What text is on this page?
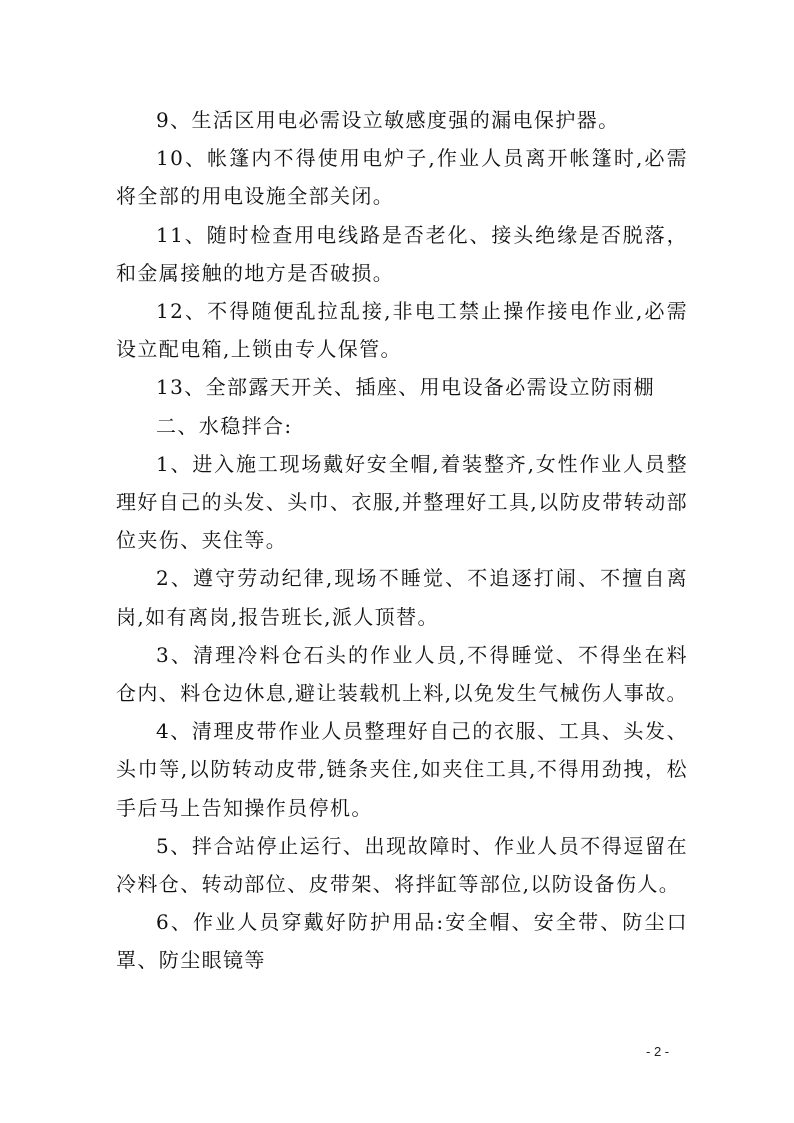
9、生活区用电必需设立敏感度强的漏电保护器。

10、帐篷内不得使用电炉子,作业人员离开帐篷时,必需将全部的用电设施全部关闭。

11、随时检查用电线路是否老化、接头绝缘是否脱落，和金属接触的地方是否破损。

12、不得随便乱拉乱接,非电工禁止操作接电作业,必需设立配电箱,上锁由专人保管。

13、全部露天开关、插座、用电设备必需设立防雨棚

二、水稳拌合:

1、进入施工现场戴好安全帽,着装整齐,女性作业人员整理好自己的头发、头巾、衣服,并整理好工具,以防皮带转动部位夹伤、夹住等。

2、遵守劳动纪律,现场不睡觉、不追逐打闹、不擅自离岗,如有离岗,报告班长,派人顶替。

3、清理冷料仓石头的作业人员,不得睡觉、不得坐在料仓内、料仓边休息,避让装载机上料,以免发生气械伤人事故。

4、清理皮带作业人员整理好自己的衣服、工具、头发、头巾等,以防转动皮带,链条夹住,如夹住工具,不得用劲拽，松手后马上告知操作员停机。

5、拌合站停止运行、出现故障时、作业人员不得逗留在冷料仓、转动部位、皮带架、将拌缸等部位,以防设备伤人。

6、作业人员穿戴好防护用品:安全帽、安全带、防尘口罩、防尘眼镜等

- 2 -
